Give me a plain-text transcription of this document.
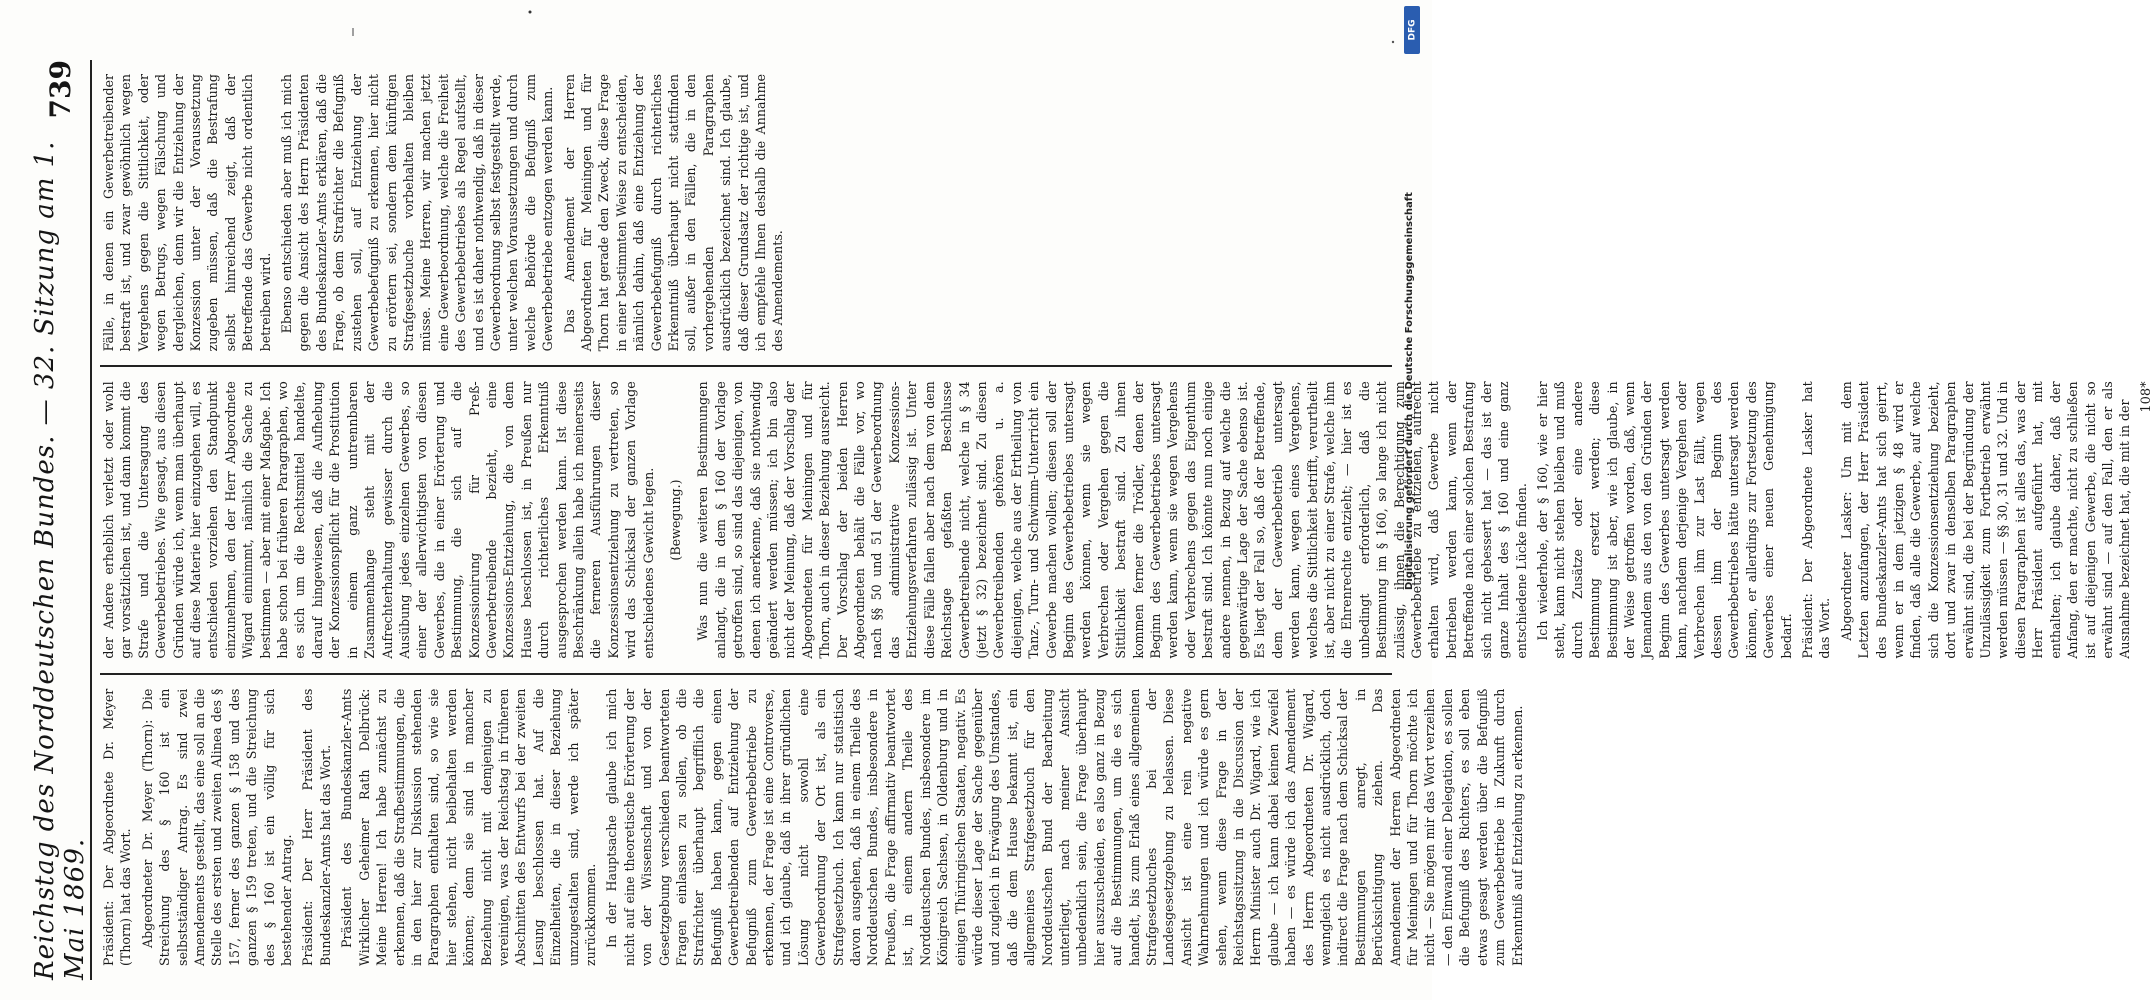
Reichstag des Norddeutschen Bundes. — 32. Sitzung am 1. Mai 1869.
739

Präsident: Der Abgeordnete Dr. Meyer (Thorn) hat das Wort. Abgeordneter Dr. Meyer (Thorn): Die Streichung des § 160 ist ein selbstständiger Antrag. Es sind zwei Amendements gestellt, das eine soll an die Stelle des ersten und zweiten Alinea des § 157, ferner des ganzen § 158 und des ganzen § 159 treten, und die Streichung des § 160 ist ein völlig für sich bestehender Antrag. Präsident: Der Herr Präsident des Bundeskanzler-Amts hat das Wort. Präsident des Bundeskanzler-Amts Wirklicher Geheimer Rath Delbrück: Meine Herren! Ich habe zunächst zu erkennen, daß die Strafbestimmungen, die in den hier zur Diskussion stehenden Paragraphen enthalten sind, so wie sie hier stehen, nicht beibehalten werden können; denn sie sind in mancher Beziehung nicht mit demjenigen zu vereinigen, was der Reichstag in früheren Abschnitten des Entwurfs bei der zweiten Lesung beschlossen hat. Auf die Einzelheiten, die in dieser Beziehung umzugestalten sind, werde ich später zurückkommen. In der Hauptsache glaube ich mich nicht auf eine theoretische Erörterung der von der Wissenschaft und von der Gesetzgebung verschieden beantworteten Fragen einlassen zu sollen, ob die Strafrichter überhaupt begrifflich die Befugniß haben kann, gegen einen Gewerbetreibenden auf Entziehung der Befugniß zum Gewerbebetriebe zu erkennen, der Frage ist eine Controverse, und ich glaube, daß in ihrer gründlichen Lösung nicht sowohl eine Gewerbeordnung der Ort ist, als ein Strafgesetzbuch. Ich kann nur statistisch davon ausgehen, daß in einem Theile des Norddeutschen Bundes, insbesondere in Preußen, die Frage affirmativ beantwortet ist, in einem andern Theile des Norddeutschen Bundes, insbesondere im Königreich Sachsen, in Oldenburg und in einigen Thüringischen Staaten, negativ. Es würde dieser Lage der Sache gegenüber und zugleich in Erwägung des Umstandes, daß die dem Hause bekannt ist, ein allgemeines Strafgesetzbuch für den Norddeutschen Bund der Bearbeitung unterliegt, nach meiner Ansicht unbedenklich sein, die Frage überhaupt hier auszuscheiden, es also ganz in Bezug auf die Bestimmungen, um die es sich handelt, bis zum Erlaß eines allgemeinen Strafgesetzbuches bei der Landesgesetzgebung zu belassen. Diese Ansicht ist eine rein negative Wahrnehmungen und ich würde es gern sehen, wenn diese Frage in der Reichstagssitzung in die Discussion der Herrn Minister auch Dr. Wigard, wie ich glaube — ich kann dabei keinen Zweifel haben — es würde ich das Amendement des Herrn Abgeordneten Dr. Wigard, wenngleich es nicht ausdrücklich, doch indirect die Frage nach dem Schicksal der Bestimmungen anregt, in Berücksichtigung ziehen. Das Amendement der Herren Abgeordneten für Meiningen und für Thorn möchte ich nicht — Sie mögen mir das Wort verzeihen — den Einwand einer Delegation, es sollen die Befugniß des Richters, es soll eben etwas gesagt werden über die Befugniß zum Gewerbebetriebe in Zukunft durch Erkenntniß auf Entziehung zu erkennen.

der Andere erheblich verletzt oder wohl gar vorsätzlichen ist, und dann kommt die Strafe und die Untersagung des Gewerbebetriebes. Wie gesagt, aus diesen Gründen würde ich, wenn man überhaupt auf diese Materie hier einzugehen will, es entschieden vorziehen den Standpunkt einzunehmen, den der Herr Abgeordnete Wigard einnimmt, nämlich die Sache zu bestimmen — aber mit einer Maßgabe. Ich habe schon bei früheren Paragraphen, wo es sich um die Rechtsmittel handelte, darauf hingewiesen, daß die Aufhebung der Konzessionspflicht für die Prostitution in einem ganz untrennbaren Zusammenhange steht mit der Aufrechterhaltung gewisser durch die Ausübung jedes einzelnen Gewerbes, so einer der allerwichtigsten von diesen Gewerbes, die in einer Erörterung und Bestimmung, die sich auf die Konzessionirung für Preß-Gewerbetreibende bezieht, eine Konzessions-Entziehung, die von dem Hause beschlossen ist, in Preußen nur durch richterliches Erkenntniß ausgesprochen werden kann. Ist diese Beschränkung allein habe ich meinerseits die ferneren Ausführungen dieser Konzessionsentziehung zu vertreten, so wird das Schicksal der ganzen Vorlage entschiedenes Gewicht legen. (Bewegung.) Was nun die weiteren Bestimmungen anlangt, die in dem § 160 der Vorlage getroffen sind, so sind das diejenigen, von denen ich anerkenne, daß sie nothwendig geändert werden müssen; ich bin also nicht der Meinung, daß der Vorschlag der Abgeordneten für Meiningen und für Thorn, auch in dieser Beziehung ausreicht. Der Vorschlag der beiden Herren Abgeordneten behält die Fälle vor, wo nach §§ 50 und 51 der Gewerbeordnung das administrative Konzessions-Entziehungsverfahren zulässig ist. Unter diese Fälle fallen aber nach dem von dem Reichstage gefaßten Beschlusse Gewerbetreibende nicht, welche in § 34 (jetzt § 32) bezeichnet sind. Zu diesen Gewerbetreibenden gehören u. a. diejenigen, welche aus der Ertheilung von Tanz-, Turn- und Schwimm-Unterricht ein Gewerbe machen wollen; diesen soll der Beginn des Gewerbebetriebes untersagt werden können, wenn sie wegen Verbrechen oder Vergehen gegen die Sittlichkeit bestraft sind. Zu ihnen kommen ferner die Trödler, denen der Beginn des Gewerbebetriebes untersagt werden kann, wenn sie wegen Vergehens oder Verbrechens gegen das Eigenthum bestraft sind. Ich könnte nun noch einige andere nennen, in Bezug auf welche die gegenwärtige Lage der Sache ebenso ist. Es liegt der Fall so, daß der Betreffende, dem der Gewerbebetrieb untersagt werden kann, wegen eines Vergehens, welches die Sittlichkeit betrifft, verurtheilt ist, aber nicht zu einer Strafe, welche ihm die Ehrenrechte entzieht; — hier ist es unbedingt erforderlich, daß die Bestimmung im § 160, so lange ich nicht zulässig, ihnen die Berechtigung zum Gewerbebetriebe zu entziehen, aufrecht erhalten wird, daß Gewerbe nicht betrieben werden kann, wenn der Betreffende nach einer solchen Bestrafung sich nicht gebessert hat — das ist der ganze Inhalt des § 160 und eine ganz entschiedene Lücke finden. Ich wiederhole, der § 160, wie er hier steht, kann nicht stehen bleiben und muß durch Zusätze oder eine andere Bestimmung ersetzt werden; diese Bestimmung ist aber, wie ich glaube, in der Weise getroffen worden, daß, wenn Jemandem aus den von den Gründen der Beginn des Gewerbes untersagt werden kann, nachdem derjenige Vergehen oder Verbrechen ihm zur Last fällt, wegen dessen ihm der Beginn des Gewerbebetriebes hätte untersagt werden können, er allerdings zur Fortsetzung des Gewerbes einer neuen Genehmigung bedarf. Präsident: Der Abgeordnete Lasker hat das Wort. Abgeordneter Lasker: Um mit dem Letzten anzufangen, der Herr Präsident des Bundeskanzler-Amts hat sich geirrt, wenn er in dem jetzigen § 48 wird er finden, daß alle die Gewerbe, auf welche sich die Konzessionsentziehung bezieht, dort und zwar in denselben Paragraphen erwähnt sind, die bei der Begründung der Unzulässigkeit zum Fortbetrieb erwähnt werden müssen — §§ 30, 31 und 32. Und in diesen Paragraphen ist alles das, was der Herr Präsident aufgeführt hat, mit enthalten; ich glaube daher, daß der Anfang, den er machte, nicht zu schließen ist auf diejenigen Gewerbe, die nicht so erwähnt sind — auf den Fall, den er als Ausnahme bezeichnet hat, die mit in der

108*

Fälle, in denen ein Gewerbetreibender bestraft ist, und zwar gewöhnlich wegen Vergehens gegen die Sittlichkeit, oder wegen Betrugs, wegen Fälschung und dergleichen, denn wir die Entziehung der Konzession unter der Voraussetzung zugeben müssen, daß die Bestrafung selbst hinreichend zeigt, daß der Betreffende das Gewerbe nicht ordentlich betreiben wird. Ebenso entschieden aber muß ich mich gegen die Ansicht des Herrn Präsidenten des Bundeskanzler-Amts erklären, daß die Frage, ob dem Strafrichter die Befugniß zustehen soll, auf Entziehung der Gewerbebefugniß zu erkennen, hier nicht zu erörtern sei, sondern dem künftigen Strafgesetzbuche vorbehalten bleiben müsse. Meine Herren, wir machen jetzt eine Gewerbeordnung, welche die Freiheit des Gewerbebetriebes als Regel aufstellt, und es ist daher nothwendig, daß in dieser Gewerbeordnung selbst festgestellt werde, unter welchen Voraussetzungen und durch welche Behörde die Befugniß zum Gewerbebetriebe entzogen werden kann. Das Amendement der Herren Abgeordneten für Meiningen und für Thorn hat gerade den Zweck, diese Frage in einer bestimmten Weise zu entscheiden, nämlich dahin, daß eine Entziehung der Gewerbebefugniß durch richterliches Erkenntniß überhaupt nicht stattfinden soll, außer in den Fällen, die in den vorhergehenden Paragraphen ausdrücklich bezeichnet sind. Ich glaube, daß dieser Grundsatz der richtige ist, und ich empfehle Ihnen deshalb die Annahme des Amendements.

DFG
Digitalisierung gefördert durch die Deutsche Forschungsgemeinschaft
